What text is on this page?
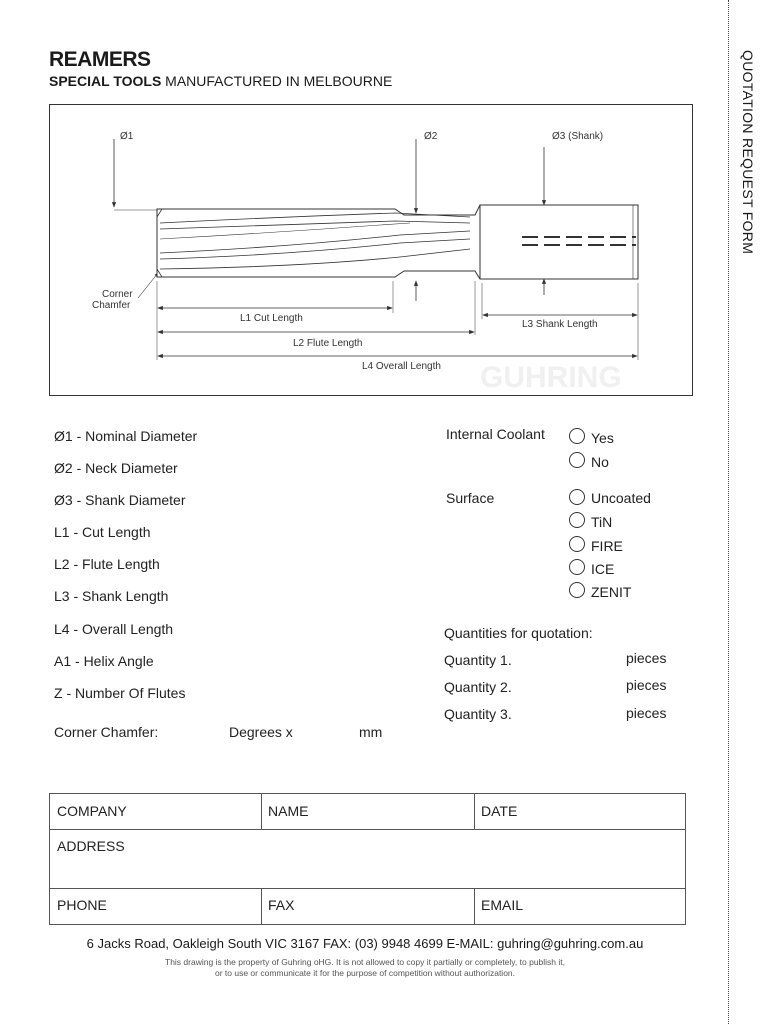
REAMERS
SPECIAL TOOLS MANUFACTURED IN MELBOURNE	QUOTATION REQUEST FORM
GUHRING
Ø1	Ø2	Ø3 (Shank)
Corner
Chamfer
L1 Cut Length
L2 Flute Length
L3 Shank Length
L4 Overall Length
Ø1 - Nominal Diameter
Ø2 - Neck Diameter
Ø3 - Shank Diameter
L1 - Cut Length
L2 - Flute Length
L3 - Shank Length
L4 - Overall Length
A1 - Helix Angle
Z - Number Of Flutes
Corner Chamfer:	Degrees x	mm
Internal Coolant	Yes
No
Surface	Uncoated
TiN
FIRE
ICE
ZENIT
Quantities for quotation:
Quantity 1.	pieces
Quantity 2.	pieces
Quantity 3.	pieces
COMPANY	NAME	DATE
ADDRESS
PHONE	FAX	EMAIL
6 Jacks Road, Oakleigh South VIC 3167 FAX: (03) 9948 4699 E-MAIL: guhring@guhring.com.au
This drawing is the property of Guhring oHG. It is not allowed to copy it partially or completely, to publish it,
or to use or communicate it for the purpose of competition without authorization.
